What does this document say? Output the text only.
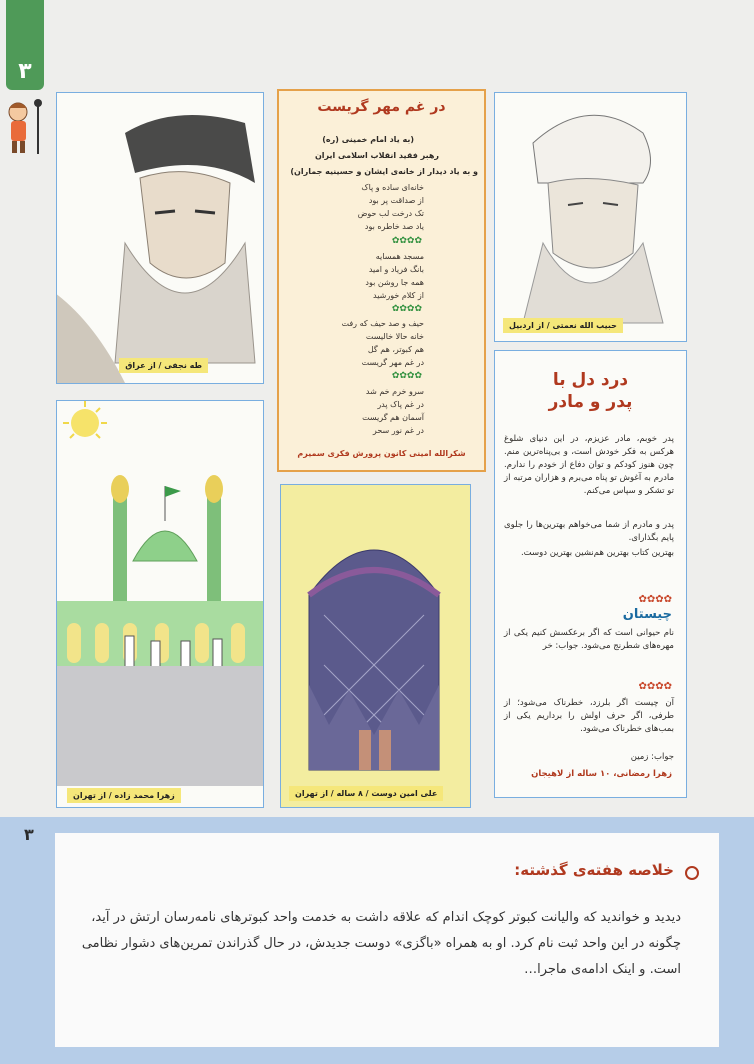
۳
طه نجفی / از عراق
حبیب الله نعمتی / از اردبیل
زهرا محمد زاده / از تهران	علی امین دوست / ۸ ساله / از تهران
در غم مهر گریست
(به یاد امام خمینی (ره)
رهبر فقید انقلاب اسلامی ایران
و به یاد دیدار از خانه‌ی ایشان و حسینیه جماران)
خانه‌ای ساده و پاک
از صداقت پر بود
تک درخت لب حوض
یاد صد خاطره بود
✿✿✿✿
مسجد همسایه
بانگ فریاد و امید
همه جا روشن بود
از کلام خورشید
✿✿✿✿
حیف و صد حیف که رفت
خانه حالا خالیست
هم کبوتر، هم گل
در غم مهر گریست
✿✿✿✿
سرو خرم خم شد
در غم پاک پدر
آسمان هم گریست
در غم نور سحر
شکرالله امینی کانون پرورش فکری سمیرم
درد دل با
پدر و مادر
پدر خوبم، مادر عزیزم، در این دنیای شلوغ هرکس به فکر خودش است، و بی‌پناه‌ترین منم. چون هنوز کودکم و توان دفاع از خودم را ندارم. مادرم به آغوش تو پناه می‌برم و هزاران مرتبه از تو تشکر و سپاس می‌کنم.
پدر و مادرم از شما می‌خواهم بهترین‌ها را جلوی پایم بگذارای.
بهترین کتاب بهترین هم‌نشین بهترین دوست.
✿✿✿✿
چیستان
نام حیوانی است که اگر برعکسش کنیم یکی از مهره‌های شطرنج می‌شود. جواب: خر
✿✿✿✿
آن چیست اگر بلرزد، خطرناک می‌شود؛ از طرفی، اگر حرف اولش را برداریم یکی از بمب‌های خطرناک می‌شود.
جواب: زمین
زهرا رمضانی، ۱۰ ساله از لاهیجان
۳
خلاصه هفته‌ی گذشته:
دیدید و خواندید که والیانت کبوتر کوچک اندام که علاقه داشت به خدمت واحد کبوترهای نامه‌رسان ارتش در آید، چگونه در این واحد ثبت نام کرد. او به همراه «باگزی» دوست جدیدش، در حال گذراندن تمرین‌های دشوار نظامی است. و اینک ادامه‌ی ماجرا…
